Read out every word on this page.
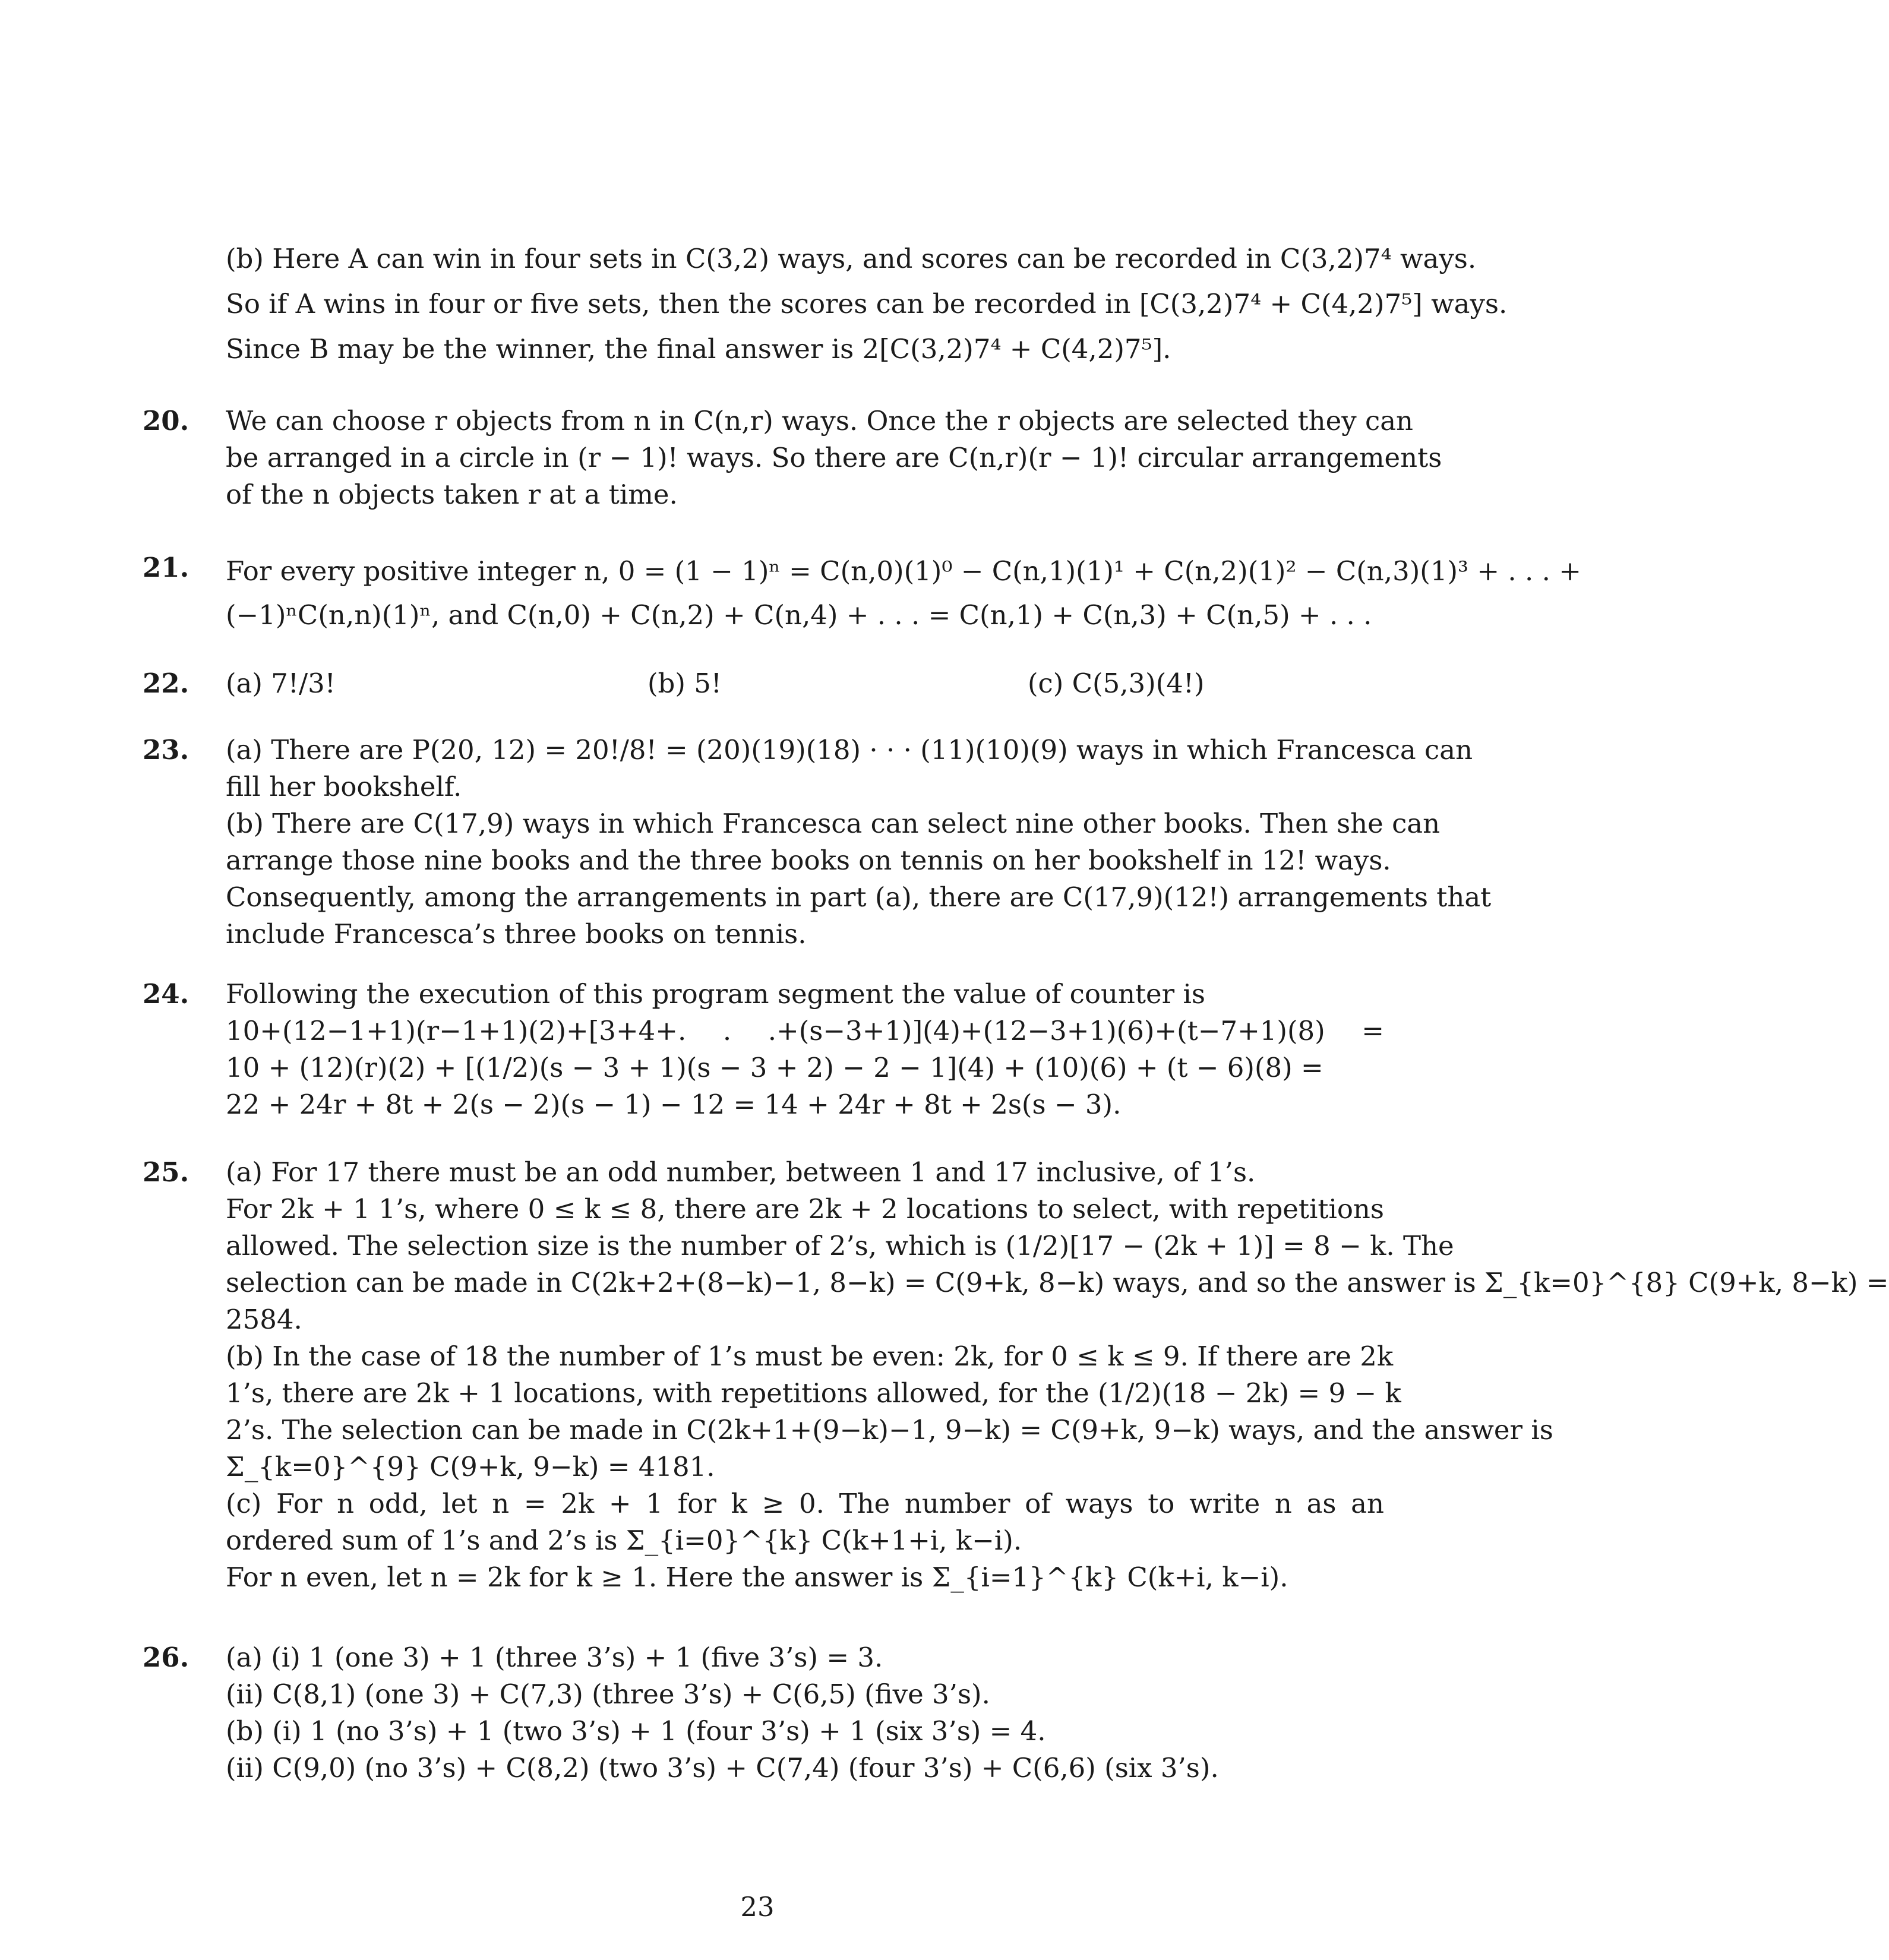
(b) Here A can win in four sets in C(3,2) ways, and scores can be recorded in C(3,2)7⁴ ways.
So if A wins in four or five sets, then the scores can be recorded in [C(3,2)7⁴ + C(4,2)7⁵] ways.
Since B may be the winner, the final answer is 2[C(3,2)7⁴ + C(4,2)7⁵].
20. We can choose r objects from n in C(n,r) ways. Once the r objects are selected they can
be arranged in a circle in (r − 1)! ways. So there are C(n,r)(r − 1)! circular arrangements
of the n objects taken r at a time.
21. For every positive integer n, 0 = (1 − 1)ⁿ = C(n,0)(1)⁰ − C(n,1)(1)¹ + C(n,2)(1)² − C(n,3)(1)³ + . . . +
(−1)ⁿC(n,n)(1)ⁿ, and C(n,0) + C(n,2) + C(n,4) + . . . = C(n,1) + C(n,3) + C(n,5) + . . .
22. (a) 7!/3!	(b) 5!	(c) C(5,3)(4!)
23. (a) There are P(20, 12) = 20!/8! = (20)(19)(18) · · · (11)(10)(9) ways in which Francesca can
fill her bookshelf.
(b) There are C(17,9) ways in which Francesca can select nine other books. Then she can
arrange those nine books and the three books on tennis on her bookshelf in 12! ways.
Consequently, among the arrangements in part (a), there are C(17,9)(12!) arrangements that
include Francesca’s three books on tennis.
24. Following the execution of this program segment the value of counter is
10+(12−1+1)(r−1+1)(2)+[3+4+. . .+(s−3+1)](4)+(12−3+1)(6)+(t−7+1)(8) =
10 + (12)(r)(2) + [(1/2)(s − 3 + 1)(s − 3 + 2) − 2 − 1](4) + (10)(6) + (t − 6)(8) =
22 + 24r + 8t + 2(s − 2)(s − 1) − 12 = 14 + 24r + 8t + 2s(s − 3).
25. (a) For 17 there must be an odd number, between 1 and 17 inclusive, of 1’s.
For 2k + 1 1’s, where 0 ≤ k ≤ 8, there are 2k + 2 locations to select, with repetitions
allowed. The selection size is the number of 2’s, which is (1/2)[17 − (2k + 1)] = 8 − k. The
selection can be made in C(2k+2+(8−k)−1, 8−k) = C(9+k, 8−k) ways, and so the answer is Σ_{k=0}^{8} C(9+k, 8−k) =
2584.
(b) In the case of 18 the number of 1’s must be even: 2k, for 0 ≤ k ≤ 9. If there are 2k
1’s, there are 2k + 1 locations, with repetitions allowed, for the (1/2)(18 − 2k) = 9 − k
2’s. The selection can be made in C(2k+1+(9−k)−1, 9−k) = C(9+k, 9−k) ways, and the answer is
Σ_{k=0}^{9} C(9+k, 9−k) = 4181.
(c) For n odd, let n = 2k + 1 for k ≥ 0. The number of ways to write n as an
ordered sum of 1’s and 2’s is Σ_{i=0}^{k} C(k+1+i, k−i).
For n even, let n = 2k for k ≥ 1. Here the answer is Σ_{i=1}^{k} C(k+i, k−i).
26. (a) (i) 1 (one 3) + 1 (three 3’s) + 1 (five 3’s) = 3.
(ii) C(8,1) (one 3) + C(7,3) (three 3’s) + C(6,5) (five 3’s).
(b) (i) 1 (no 3’s) + 1 (two 3’s) + 1 (four 3’s) + 1 (six 3’s) = 4.
(ii) C(9,0) (no 3’s) + C(8,2) (two 3’s) + C(7,4) (four 3’s) + C(6,6) (six 3’s).
23
